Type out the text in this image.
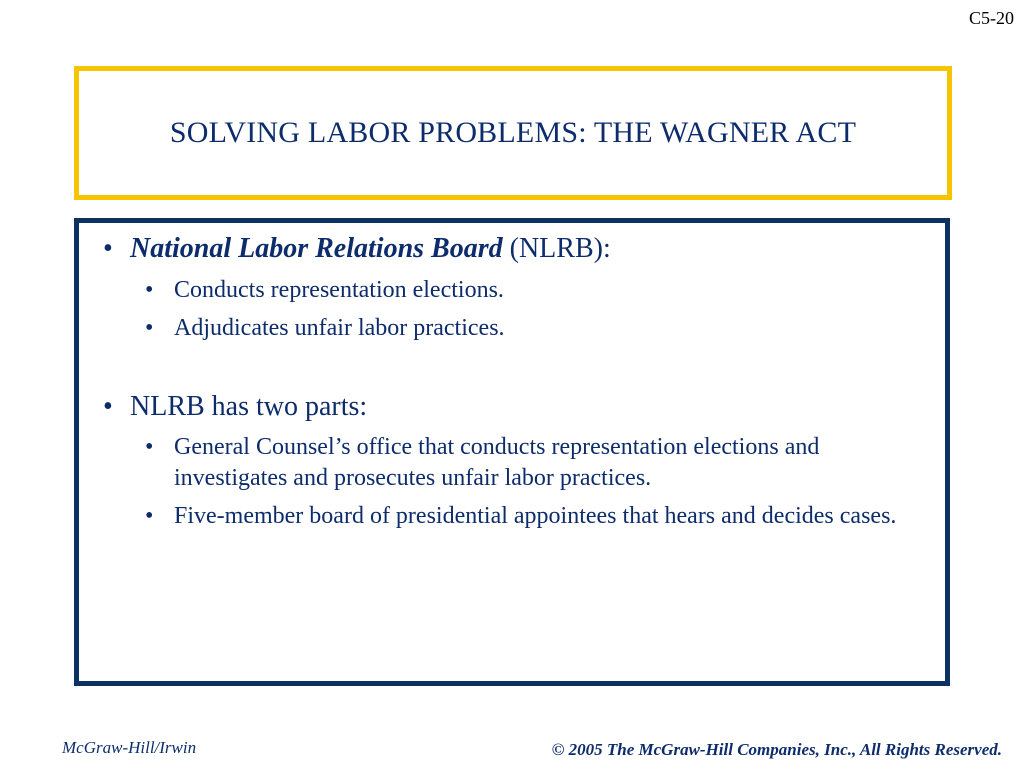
C5-20
SOLVING LABOR PROBLEMS: THE WAGNER ACT
• National Labor Relations Board (NLRB):
• Conducts representation elections.
• Adjudicates unfair labor practices.
• NLRB has two parts:
• General Counsel’s office that conducts representation elections and investigates and prosecutes unfair labor practices.
• Five-member board of presidential appointees that hears and decides cases.
McGraw-Hill/Irwin	© 2005 The McGraw-Hill Companies, Inc., All Rights Reserved.
